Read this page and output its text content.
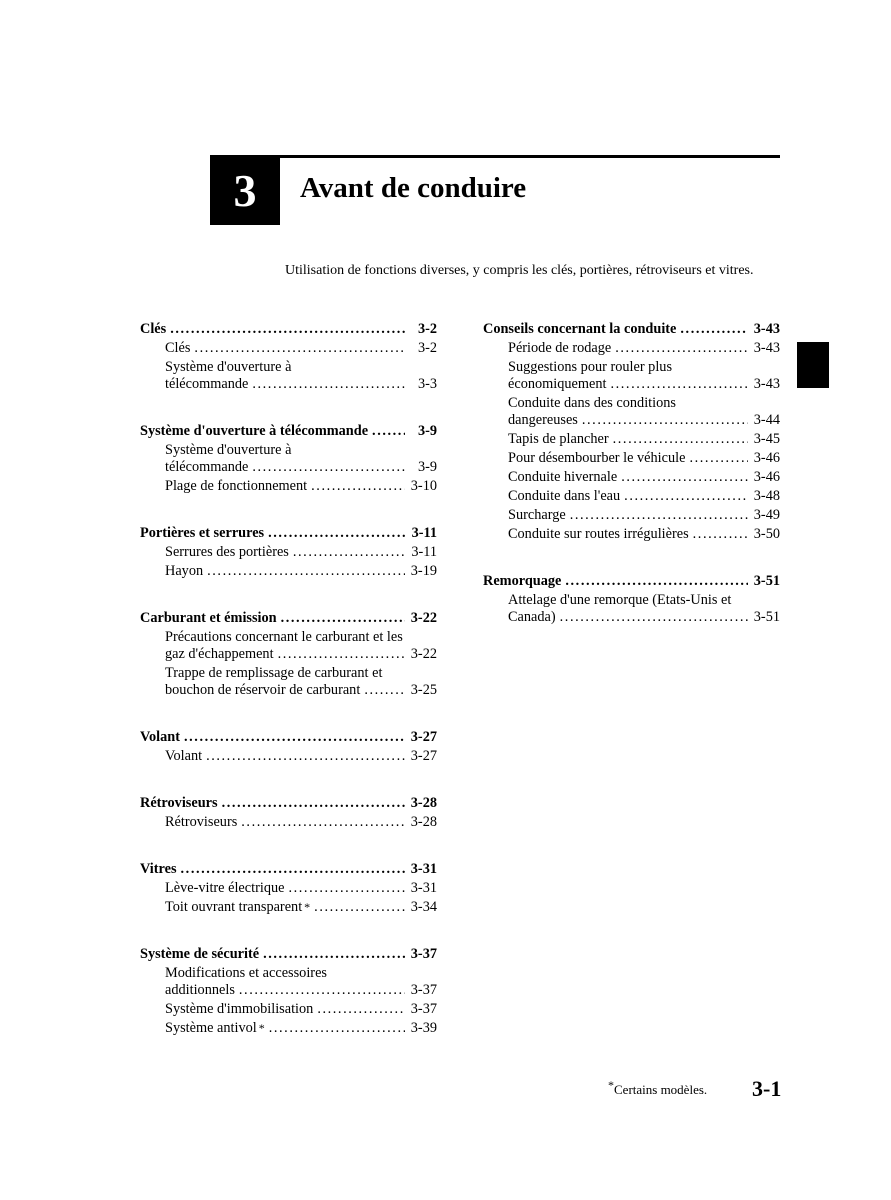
3 Avant de conduire
Utilisation de fonctions diverses, y compris les clés, portières, rétroviseurs et vitres.
Clés . . .	3-2
Clés . . .	3-2
Système d'ouverture à
télécommande . . .	3-3
Système d'ouverture à télécommande . . .	3-9
Système d'ouverture à
télécommande . . .	3-9
Plage de fonctionnement . . .	3-10
Portières et serrures . . .	3-11
Serrures des portières . . .	3-11
Hayon . . .	3-19
Carburant et émission . . .	3-22
Précautions concernant le carburant et les
gaz d'échappement . . .	3-22
Trappe de remplissage de carburant et
bouchon de réservoir de carburant . . .	3-25
Volant . . .	3-27
Volant . . .	3-27
Rétroviseurs . . .	3-28
Rétroviseurs . . .	3-28
Vitres . . .	3-31
Lève-vitre électrique . . .	3-31
Toit ouvrant transparent * . . .	3-34
Système de sécurité . . .	3-37
Modifications et accessoires
additionnels . . .	3-37
Système d'immobilisation . . .	3-37
Système antivol * . . .	3-39
Conseils concernant la conduite . . .	3-43
Période de rodage . . .	3-43
Suggestions pour rouler plus
économiquement . . .	3-43
Conduite dans des conditions
dangereuses . . .	3-44
Tapis de plancher . . .	3-45
Pour désembourber le véhicule . . .	3-46
Conduite hivernale . . .	3-46
Conduite dans l'eau . . .	3-48
Surcharge . . .	3-49
Conduite sur routes irrégulières . . .	3-50
Remorquage . . .	3-51
Attelage d'une remorque (Etats-Unis et
Canada) . . .	3-51
*Certains modèles. 3-1
